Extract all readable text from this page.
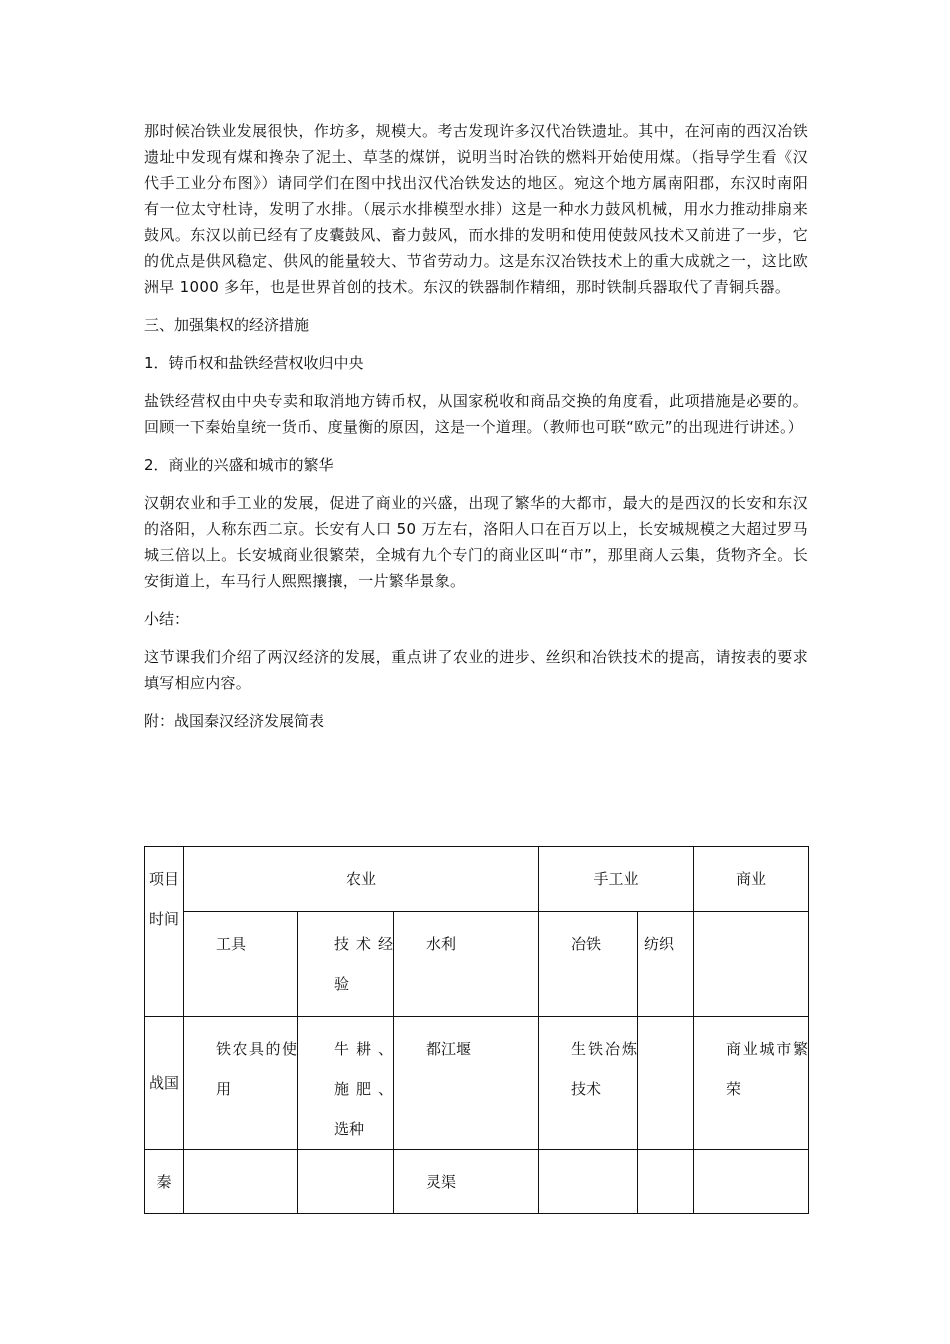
那时候冶铁业发展很快，作坊多，规模大。考古发现许多汉代冶铁遗址。其中，在河南的西汉冶铁遗址中发现有煤和搀杂了泥土、草茎的煤饼，说明当时冶铁的燃料开始使用煤。（指导学生看《汉代手工业分布图》）请同学们在图中找出汉代冶铁发达的地区。宛这个地方属南阳郡，东汉时南阳有一位太守杜诗，发明了水排。（展示水排模型水排）这是一种水力鼓风机械，用水力推动排扇来鼓风。东汉以前已经有了皮囊鼓风、畜力鼓风，而水排的发明和使用使鼓风技术又前进了一步，它的优点是供风稳定、供风的能量较大、节省劳动力。这是东汉冶铁技术上的重大成就之一，这比欧洲早 1000 多年，也是世界首创的技术。东汉的铁器制作精细，那时铁制兵器取代了青铜兵器。

三、加强集权的经济措施

1．铸币权和盐铁经营权收归中央

盐铁经营权由中央专卖和取消地方铸币权，从国家税收和商品交换的角度看，此项措施是必要的。回顾一下秦始皇统一货币、度量衡的原因，这是一个道理。（教师也可联“欧元”的出现进行讲述。）

2．商业的兴盛和城市的繁华

汉朝农业和手工业的发展，促进了商业的兴盛，出现了繁华的大都市，最大的是西汉的长安和东汉的洛阳，人称东西二京。长安有人口 50 万左右，洛阳人口在百万以上，长安城规模之大超过罗马城三倍以上。长安城商业很繁荣，全城有九个专门的商业区叫“市”，那里商人云集，货物齐全。长安街道上，车马行人熙熙攘攘，一片繁华景象。

小结：

这节课我们介绍了两汉经济的发展，重点讲了农业的进步、丝织和冶铁技术的提高，请按表的要求填写相应内容。

附：战国秦汉经济发展简表

项目
时间	农业			手工业		商业
	工具	技术经验	水利	冶铁	纺织	
战国	铁农具的使用	牛耕、施肥、选种	都江堰	生铁冶炼技术		商业城市繁荣
秦			灵渠			
